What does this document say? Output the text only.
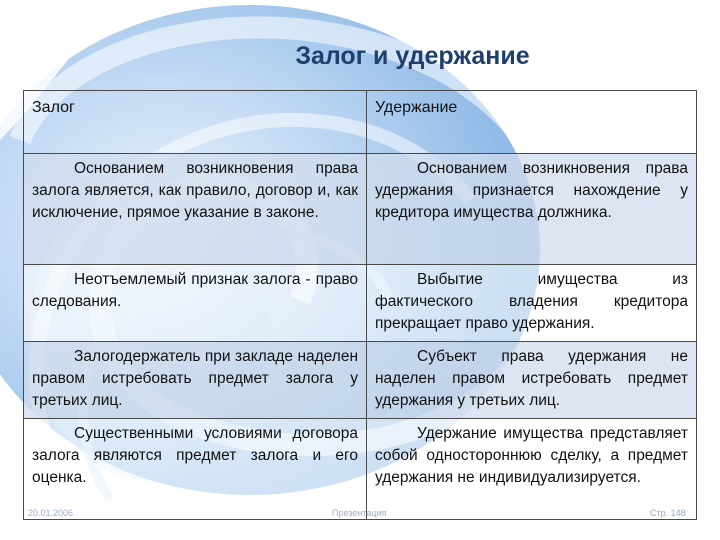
Залог и удержание
Залог	Удержание
Основанием возникновения права залога является, как правило, договор и, как исключение, прямое указание в законе.	Основанием возникновения права удержания признается нахождение у кредитора имущества должника.
Неотъемлемый признак залога - право следования.	Выбытие имущества из фактического владения кредитора прекращает право удержания.
Залогодержатель при закладе наделен правом истребовать предмет залога у третьих лиц.	Субъект права удержания не наделен правом истребовать предмет удержания у третьих лиц.
Существенными условиями договора залога являются предмет залога и его оценка.	Удержание имущества представляет собой одностороннюю сделку, а предмет удержания не индивидуализируется.
20.01.2006	Презентация	Стр. 148
